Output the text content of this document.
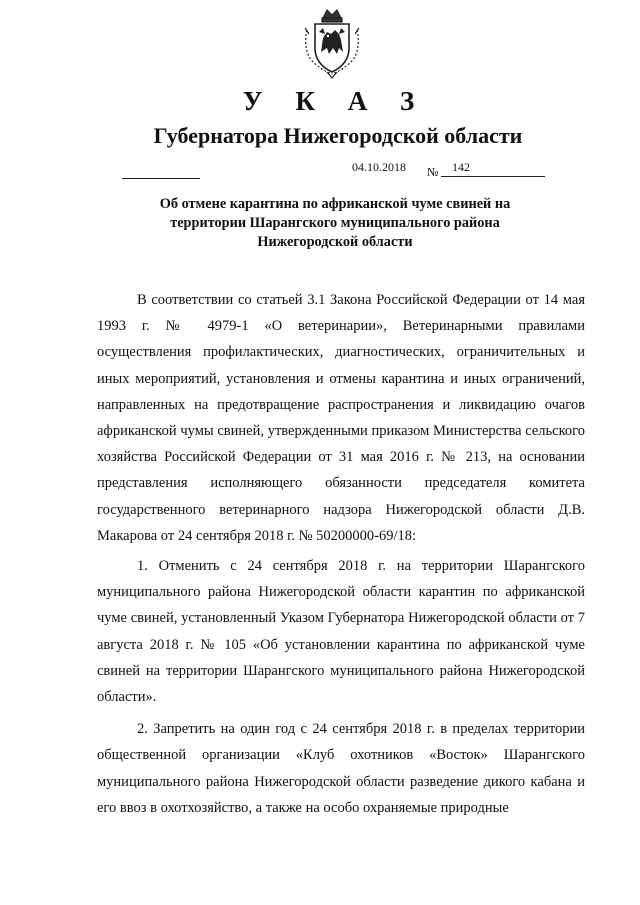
У К А З
Губернатора Нижегородской области
04.10.2018 № 142
Об отмене карантина по африканской чуме свиней на территории Шарангского муниципального района Нижегородской области

В соответствии со статьей 3.1 Закона Российской Федерации от 14 мая 1993 г. № 4979-1 «О ветеринарии», Ветеринарными правилами осуществления профилактических, диагностических, ограничительных и иных мероприятий, установления и отмены карантина и иных ограничений, направленных на предотвращение распространения и ликвидацию очагов африканской чумы свиней, утвержденными приказом Министерства сельского хозяйства Российской Федерации от 31 мая 2016 г. № 213, на основании представления исполняющего обязанности председателя комитета государственного ветеринарного надзора Нижегородской области Д.В. Макарова от 24 сентября 2018 г. № 50200000-69/18:

1. Отменить с 24 сентября 2018 г. на территории Шарангского муниципального района Нижегородской области карантин по африканской чуме свиней, установленный Указом Губернатора Нижегородской области от 7 августа 2018 г. № 105 «Об установлении карантина по африканской чуме свиней на территории Шарангского муниципального района Нижегородской области».

2. Запретить на один год с 24 сентября 2018 г. в пределах территории общественной организации «Клуб охотников «Восток» Шарангского муниципального района Нижегородской области разведение дикого кабана и его ввоз в охотхозяйство, а также на особо охраняемые природные
